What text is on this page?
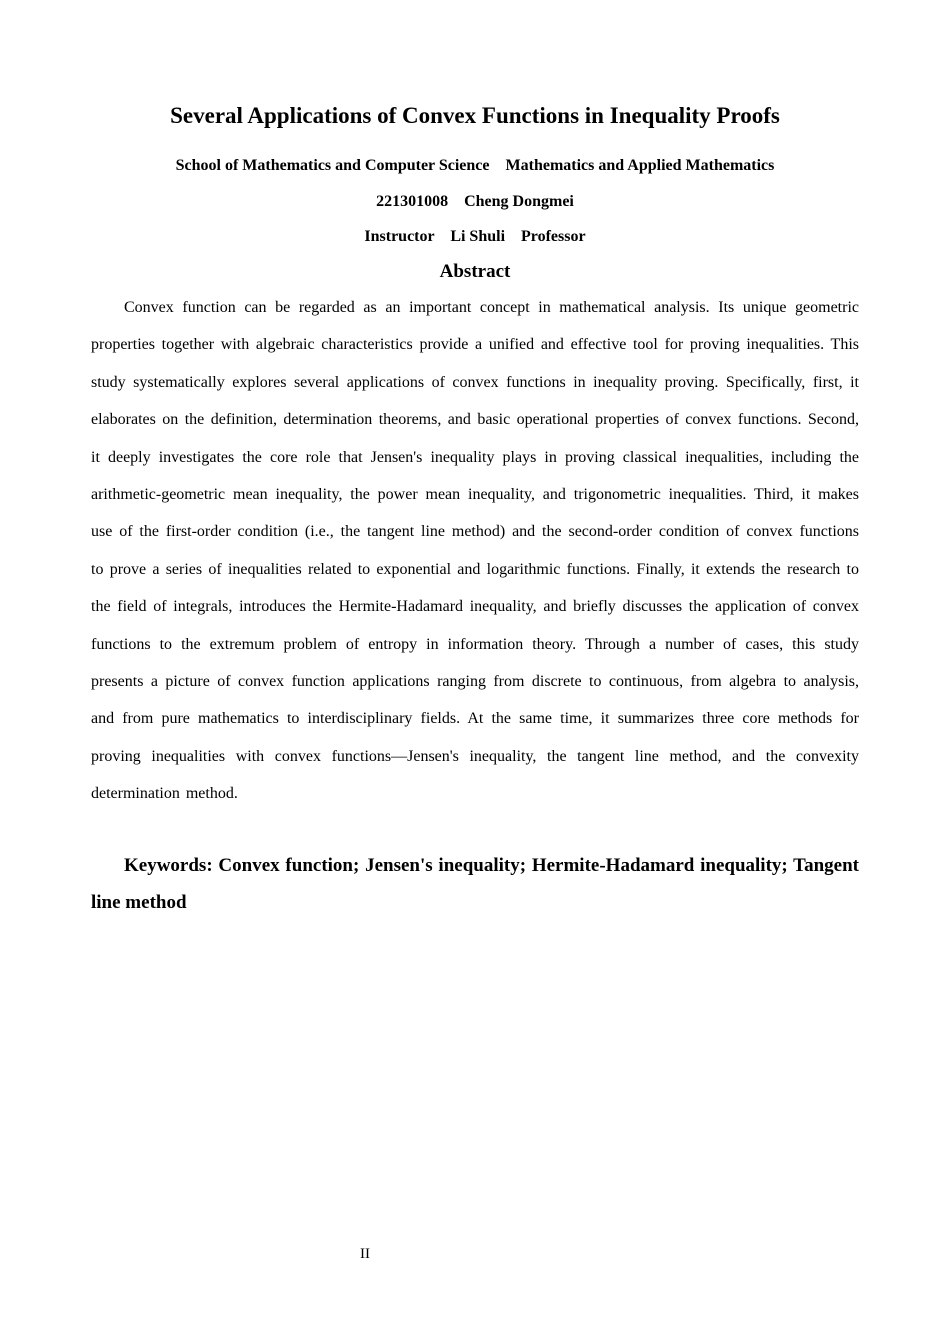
Several Applications of Convex Functions in Inequality Proofs
School of Mathematics and Computer Science　Mathematics and Applied Mathematics
221301008　Cheng Dongmei
Instructor　Li Shuli　Professor
Abstract

Convex function can be regarded as an important concept in mathematical analysis. Its unique geometric properties together with algebraic characteristics provide a unified and effective tool for proving inequalities. This study systematically explores several applications of convex functions in inequality proving. Specifically, first, it elaborates on the definition, determination theorems, and basic operational properties of convex functions. Second, it deeply investigates the core role that Jensen's inequality plays in proving classical inequalities, including the arithmetic-geometric mean inequality, the power mean inequality, and trigonometric inequalities. Third, it makes use of the first-order condition (i.e., the tangent line method) and the second-order condition of convex functions to prove a series of inequalities related to exponential and logarithmic functions. Finally, it extends the research to the field of integrals, introduces the Hermite-Hadamard inequality, and briefly discusses the application of convex functions to the extremum problem of entropy in information theory. Through a number of cases, this study presents a picture of convex function applications ranging from discrete to continuous, from algebra to analysis, and from pure mathematics to interdisciplinary fields. At the same time, it summarizes three core methods for proving inequalities with convex functions—Jensen's inequality, the tangent line method, and the convexity determination method.

Keywords: Convex function; Jensen's inequality; Hermite-Hadamard inequality; Tangent line method

II
